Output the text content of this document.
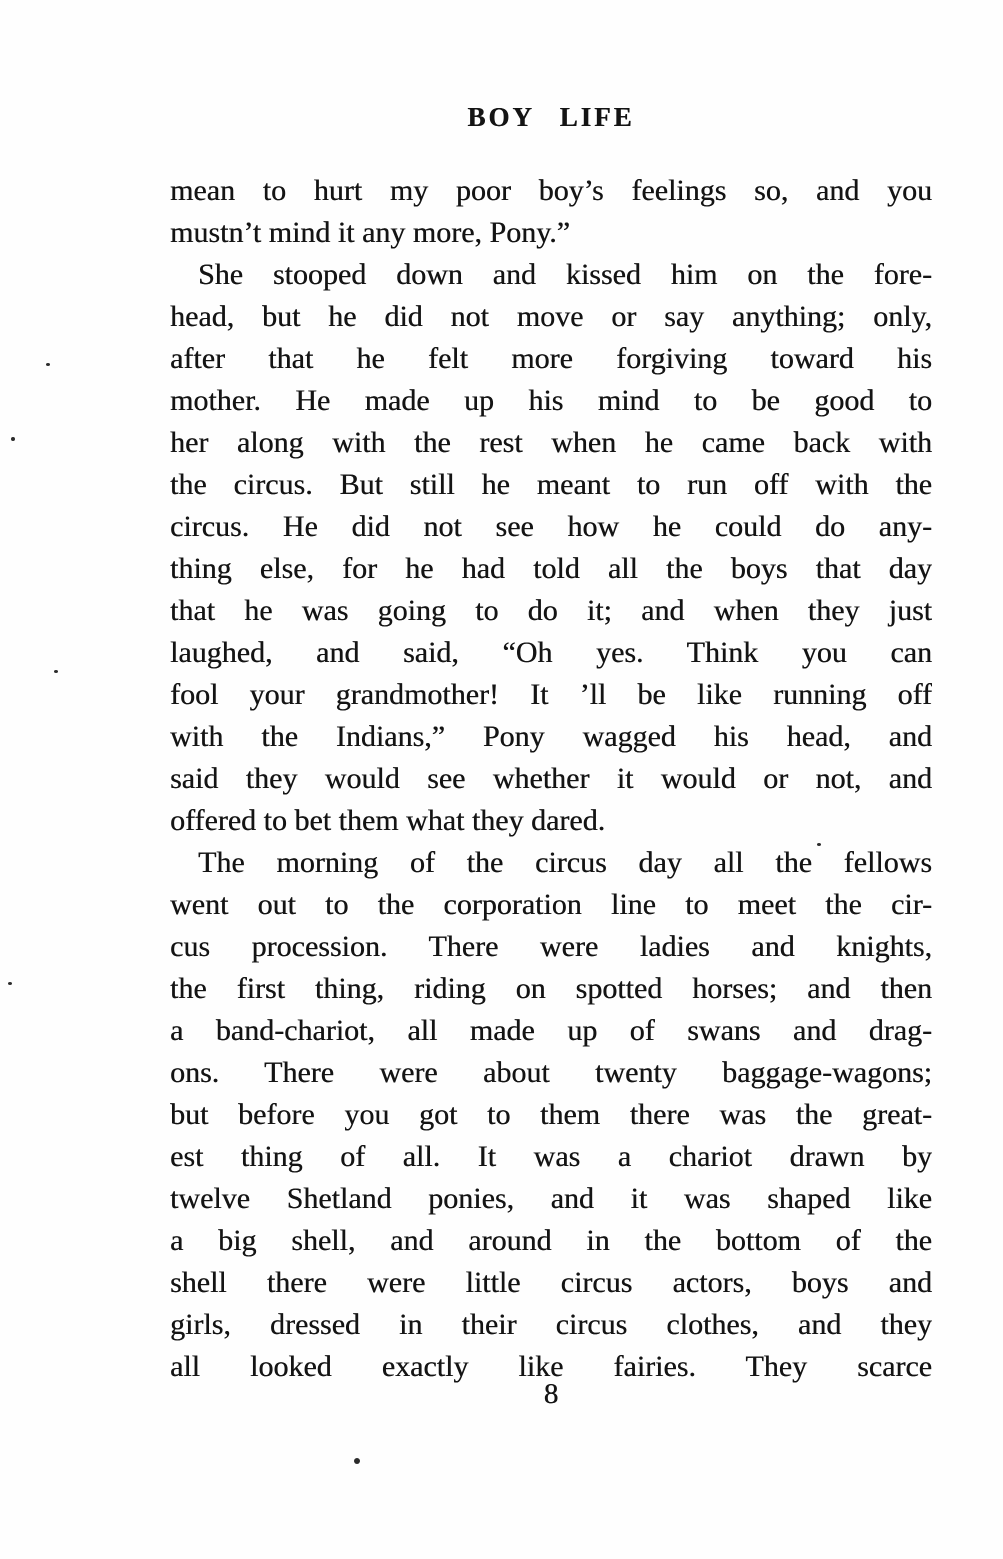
BOY LIFE
mean to hurt my poor boy’s feelings so, and you
mustn’t mind it any more, Pony.”
She stooped down and kissed him on the fore-
head, but he did not move or say anything; only,
after that he felt more forgiving toward his
mother. He made up his mind to be good to
her along with the rest when he came back with
the circus. But still he meant to run off with the
circus. He did not see how he could do any-
thing else, for he had told all the boys that day
that he was going to do it; and when they just
laughed, and said, “Oh yes. Think you can
fool your grandmother! It ’ll be like running off
with the Indians,” Pony wagged his head, and
said they would see whether it would or not, and
offered to bet them what they dared.
The morning of the circus day all the fellows
went out to the corporation line to meet the cir-
cus procession. There were ladies and knights,
the first thing, riding on spotted horses; and then
a band-chariot, all made up of swans and drag-
ons. There were about twenty baggage-wagons;
but before you got to them there was the great-
est thing of all. It was a chariot drawn by
twelve Shetland ponies, and it was shaped like
a big shell, and around in the bottom of the
shell there were little circus actors, boys and
girls, dressed in their circus clothes, and they
all looked exactly like fairies. They scarce
8
